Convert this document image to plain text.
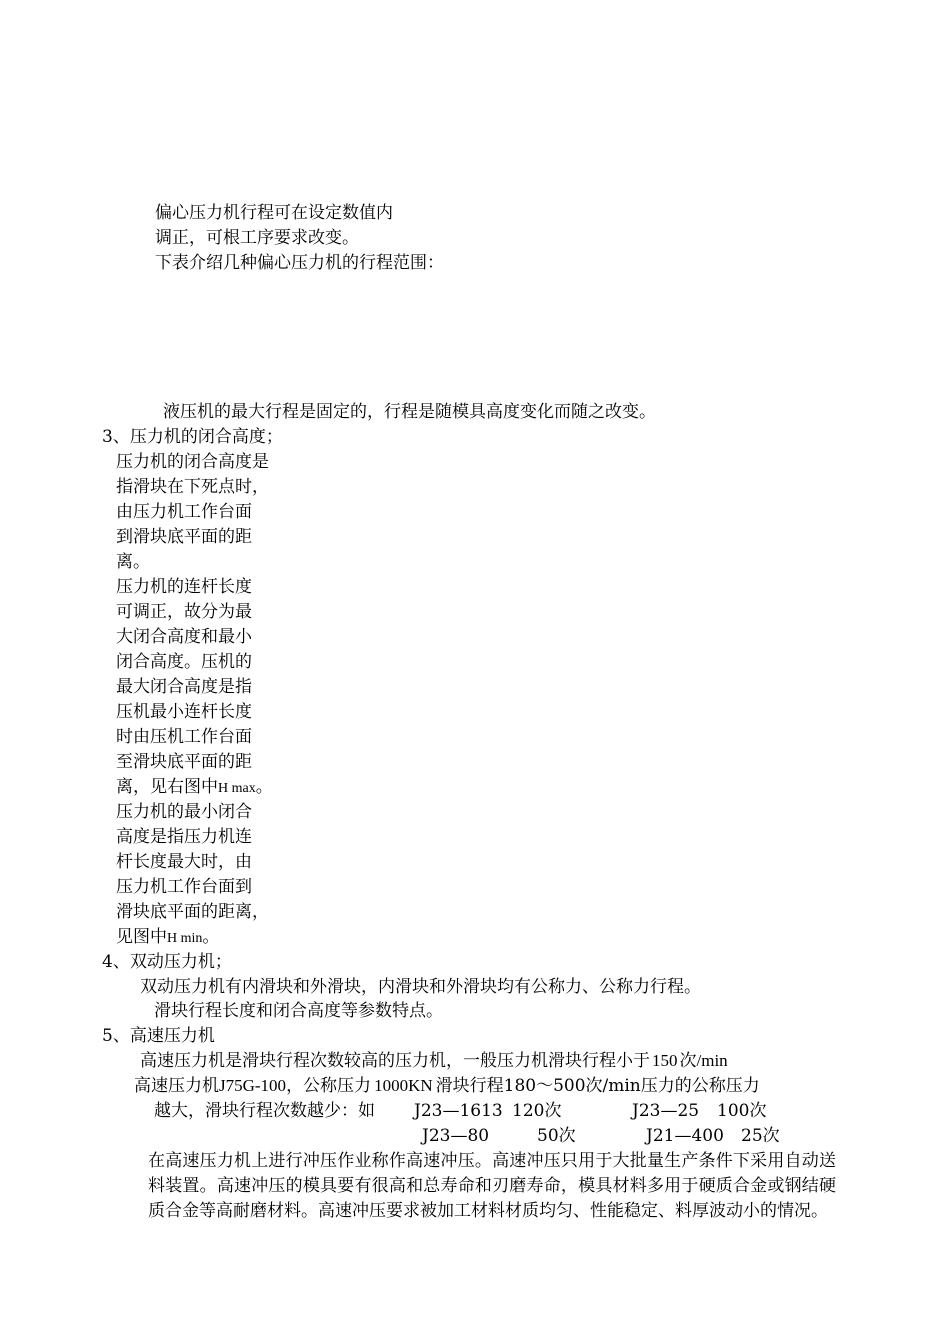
偏心压力机行程可在设定数值内
调正，可根工序要求改变。
下表介绍几种偏心压力机的行程范围：
液压机的最大行程是固定的，行程是随模具高度变化而随之改变。
3、压力机的闭合高度；
压力机的闭合高度是
指滑块在下死点时，
由压力机工作台面
到滑块底平面的距
离。
压力机的连杆长度
可调正，故分为最
大闭合高度和最小
闭合高度。压机的
最大闭合高度是指
压机最小连杆长度
时由压机工作台面
至滑块底平面的距
离，见右图中H max。
压力机的最小闭合
高度是指压力机连
杆长度最大时，由
压力机工作台面到
滑块底平面的距离，
见图中H min。
4、双动压力机；
双动压力机有内滑块和外滑块，内滑块和外滑块均有公称力、公称力行程。
滑块行程长度和闭合高度等参数特点。
5、高速压力机
高速压力机是滑块行程次数较高的压力机，一般压力机滑块行程小于 150 次/min
高速压力机J75G-100，公称压力 1000KN 滑块行程180～500次/min压力的公称压力
越大，滑块行程次数越少：如 J23—1613 120次	J23—25 100次
J23—80	50次	J21—400 25次
在高速压力机上进行冲压作业称作高速冲压。高速冲压只用于大批量生产条件下采用自动送料装置。高速冲压的模具要有很高和总寿命和刃磨寿命，模具材料多用于硬质合金或钢结硬质合金等高耐磨材料。高速冲压要求被加工材料材质均匀、性能稳定、料厚波动小的情况。
